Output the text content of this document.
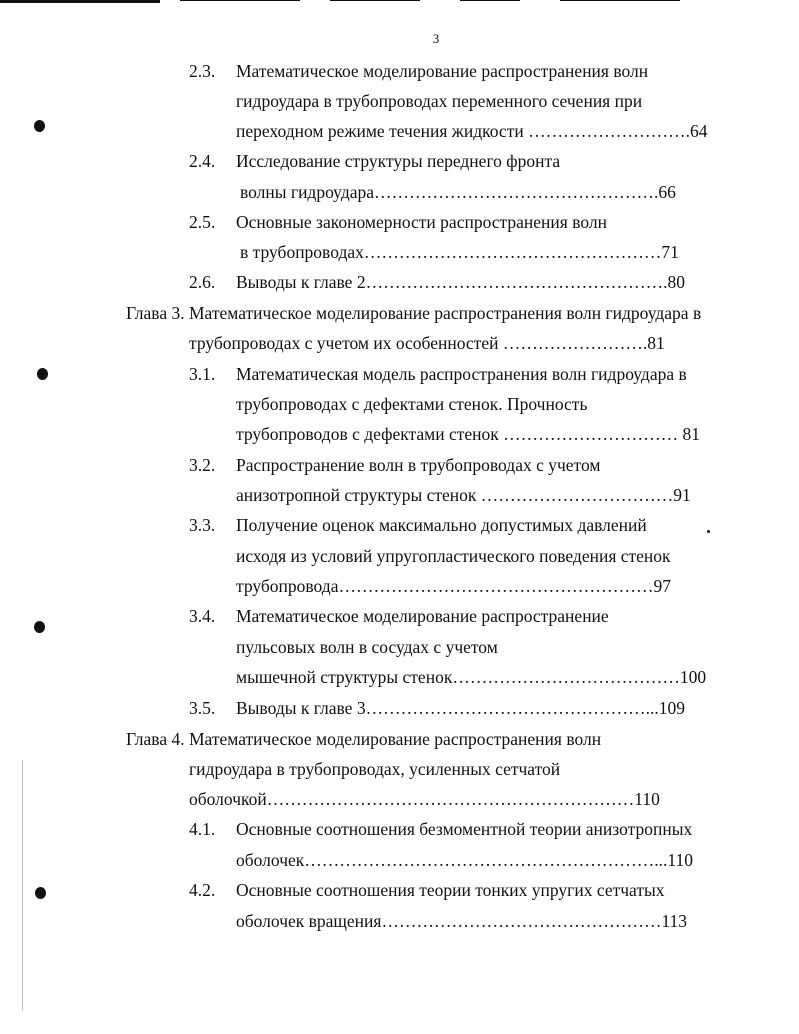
3
2.3. Математическое моделирование распространения волн
гидроудара в трубопроводах переменного сечения при
переходном режиме течения жидкости ……………………….64
2.4. Исследование структуры переднего фронта
волны гидроудара………………………………………….66
2.5. Основные закономерности распространения волн
в трубопроводах……………………………………………71
2.6. Выводы к главе 2…………………………………………….80
Глава 3. Математическое моделирование распространения волн гидроудара в
трубопроводах с учетом их особенностей …………………….81
3.1. Математическая модель распространения волн гидроудара в
трубопроводах с дефектами стенок. Прочность
трубопроводов с дефектами стенок ………………………… 81
3.2. Распространение волн в трубопроводах с учетом
анизотропной структуры стенок ……………………………91
3.3. Получение оценок максимально допустимых давлений
исходя из условий упругопластического поведения стенок
трубопровода………………………………………………97
3.4. Математическое моделирование распространение
пульсовых волн в сосудах с учетом
мышечной структуры стенок…………………………………100
3.5. Выводы к главе 3…………………………………………...109
Глава 4. Математическое моделирование распространения волн
гидроудара в трубопроводах, усиленных сетчатой
оболочкой………………………………………………………110
4.1. Основные соотношения безмоментной теории анизотропных
оболочек……………………………………………………...110
4.2. Основные соотношения теории тонких упругих сетчатых
оболочек вращения…………………………………………113
